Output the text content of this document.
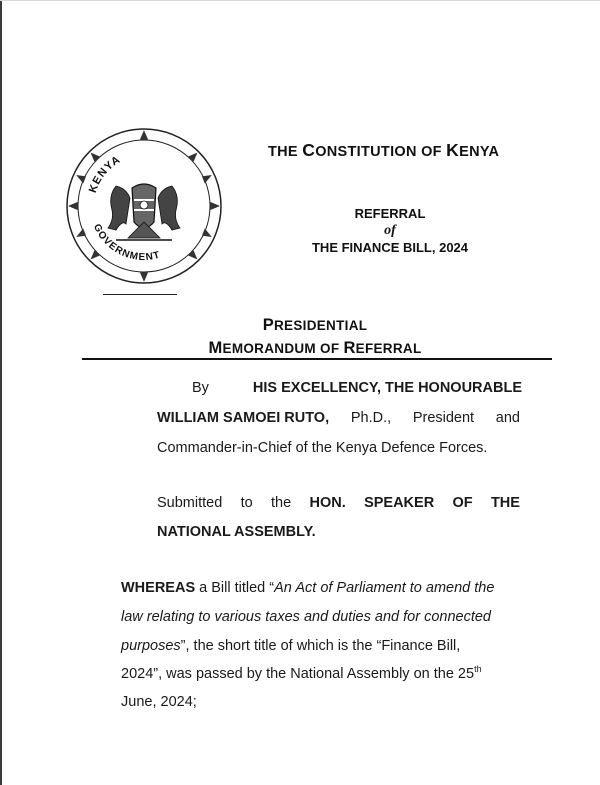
KENYA
GOVERNMENT
THE CONSTITUTION OF KENYA
REFERRAL
of
THE FINANCE BILL, 2024
PRESIDENTIAL
MEMORANDUM OF REFERRAL
By	HIS EXCELLENCY, THE HONOURABLE
WILLIAM SAMOEI RUTO, Ph.D., President and
Commander-in-Chief of the Kenya Defence Forces.
Submitted to the HON. SPEAKER OF THE
NATIONAL ASSEMBLY.
WHEREAS a Bill titled “An Act of Parliament to amend the
law relating to various taxes and duties and for connected
purposes”, the short title of which is the “Finance Bill,
2024”, was passed by the National Assembly on the 25th
June, 2024;
